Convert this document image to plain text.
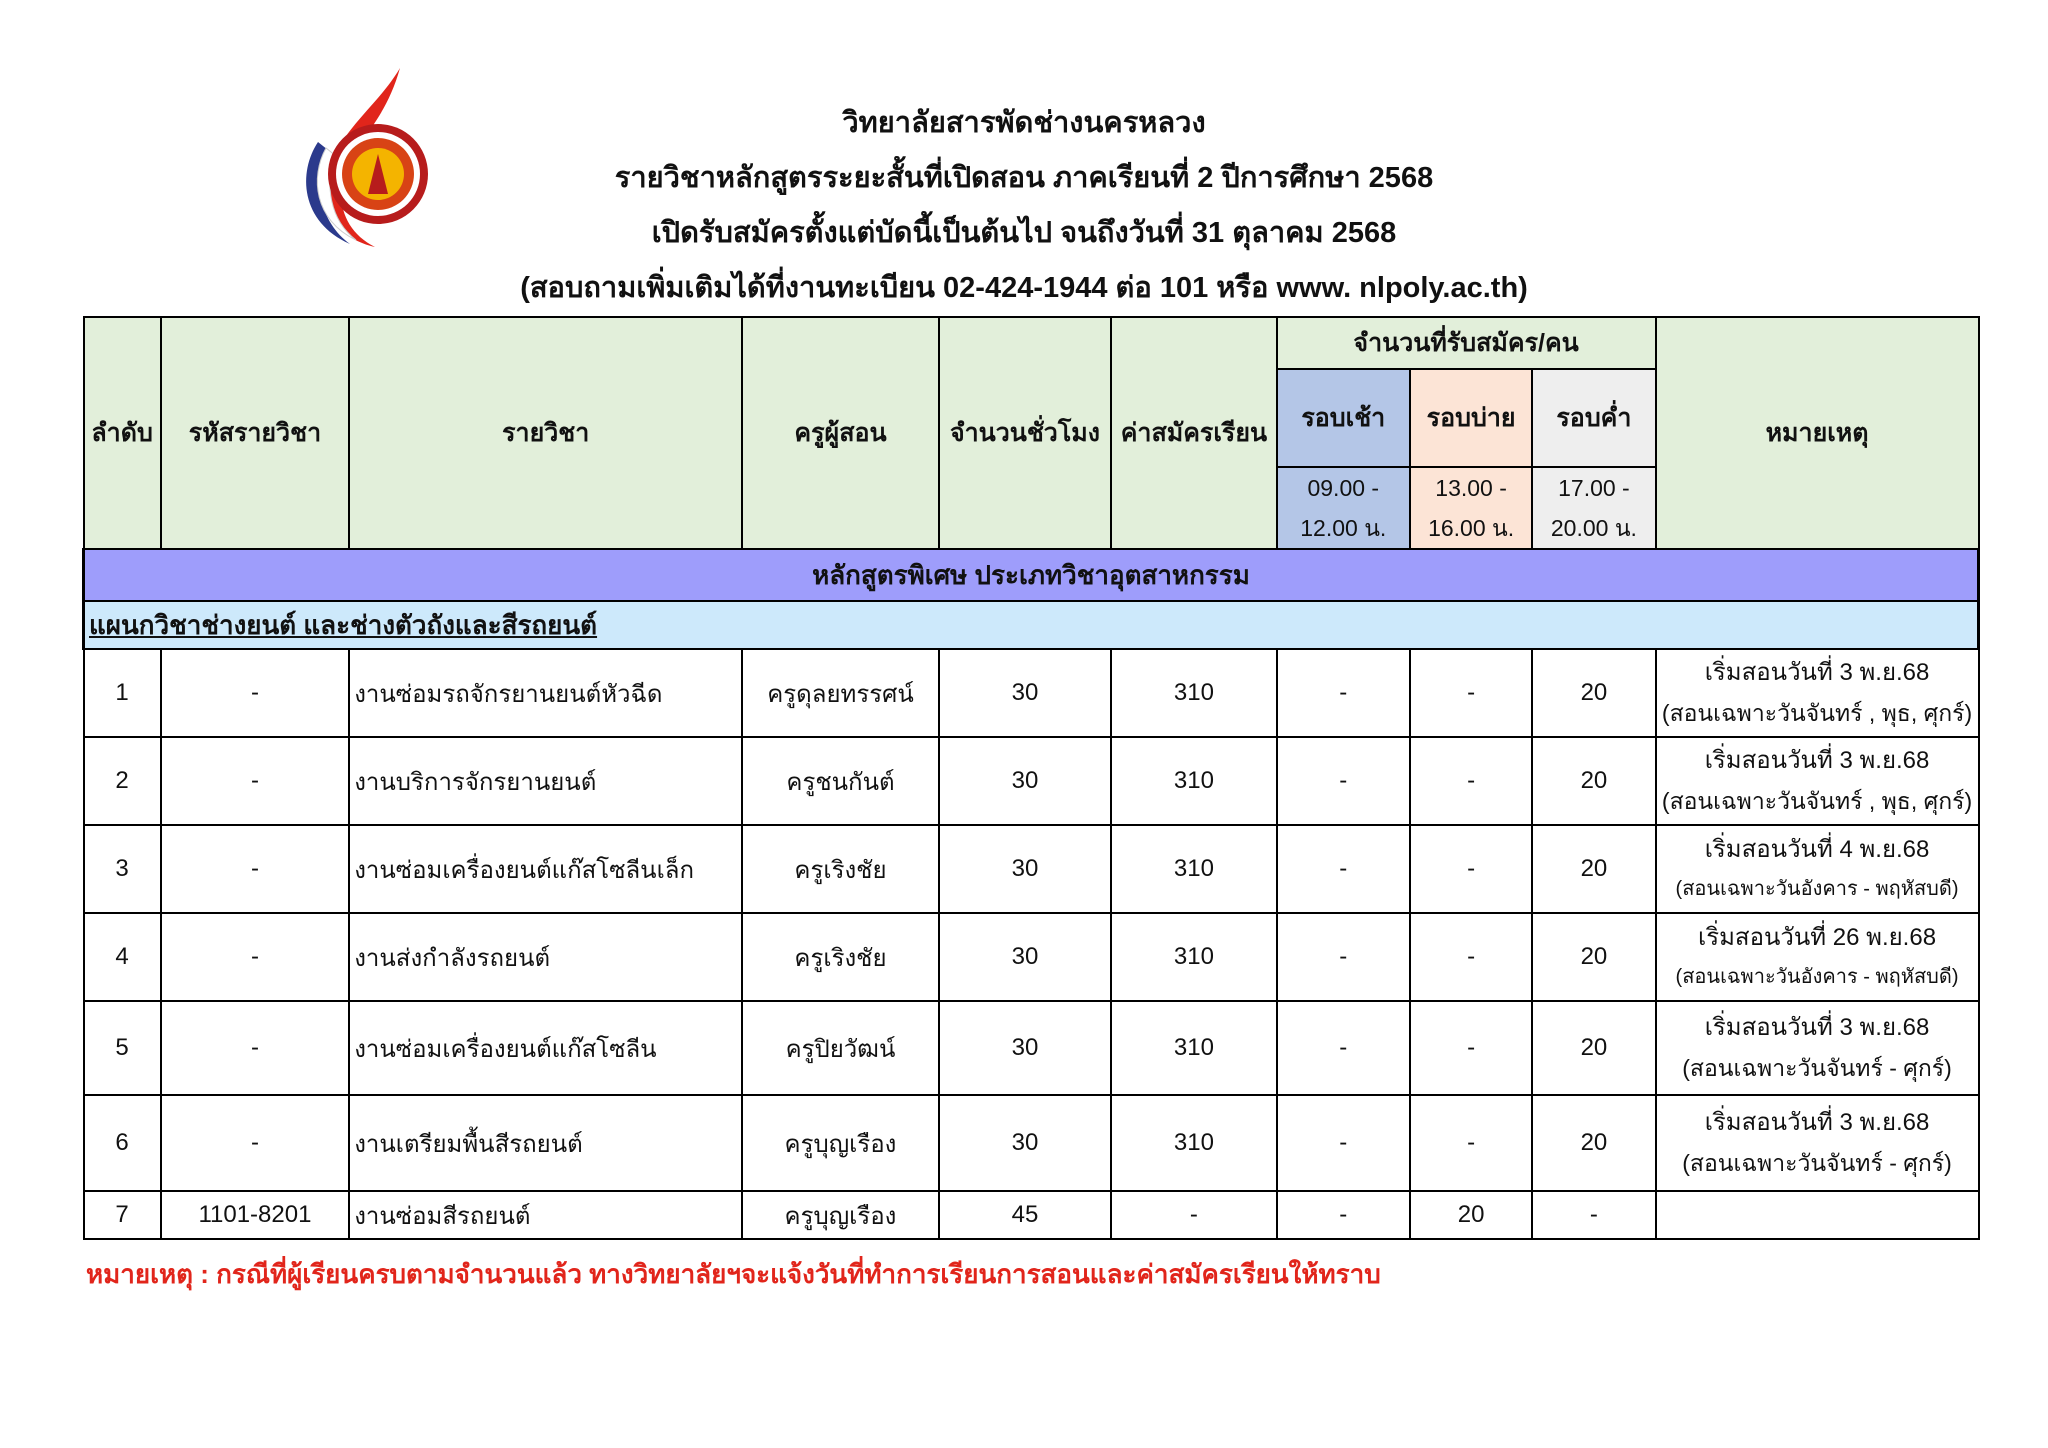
วิทยาลัยสารพัดช่างนครหลวง
รายวิชาหลักสูตรระยะสั้นที่เปิดสอน ภาคเรียนที่ 2 ปีการศึกษา 2568
เปิดรับสมัครตั้งแต่บัดนี้เป็นต้นไป จนถึงวันที่ 31 ตุลาคม 2568
(สอบถามเพิ่มเติมได้ที่งานทะเบียน 02-424-1944 ต่อ 101 หรือ www. nlpoly.ac.th)
ลำดับ	รหัสรายวิชา	รายวิชา	ครูผู้สอน	จำนวนชั่วโมง	ค่าสมัครเรียน	จำนวนที่รับสมัคร/คน			หมายเหตุ
						รอบเช้า	รอบบ่าย	รอบค่ำ	

						09.00 -
12.00 น.	13.00 -
16.00 น.	17.00 -
20.00 น.	

หลักสูตรพิเศษ ประเภทวิชาอุตสาหกรรม									
แผนกวิชาช่างยนต์ และช่างตัวถังและสีรถยนต์									
1	-	งานซ่อมรถจักรยานยนต์หัวฉีด	ครูดุลยทรรศน์	30	310	-	-	20	เริ่มสอนวันที่ 3 พ.ย.68
(สอนเฉพาะวันจันทร์ , พุธ, ศุกร์)

2	-	งานบริการจักรยานยนต์	ครูชนกันต์	30	310	-	-	20	เริ่มสอนวันที่ 3 พ.ย.68
(สอนเฉพาะวันจันทร์ , พุธ, ศุกร์)

3	-	งานซ่อมเครื่องยนต์แก๊สโซลีนเล็ก	ครูเริงชัย	30	310	-	-	20	เริ่มสอนวันที่ 4 พ.ย.68
(สอนเฉพาะวันอังคาร - พฤหัสบดี)

4	-	งานส่งกำลังรถยนต์	ครูเริงชัย	30	310	-	-	20	เริ่มสอนวันที่ 26 พ.ย.68
(สอนเฉพาะวันอังคาร - พฤหัสบดี)

5	-	งานซ่อมเครื่องยนต์แก๊สโซลีน	ครูปิยวัฒน์	30	310	-	-	20	เริ่มสอนวันที่ 3 พ.ย.68
(สอนเฉพาะวันจันทร์ - ศุกร์)

6	-	งานเตรียมพื้นสีรถยนต์	ครูบุญเรือง	30	310	-	-	20	เริ่มสอนวันที่ 3 พ.ย.68
(สอนเฉพาะวันจันทร์ - ศุกร์)

7	1101-8201	งานซ่อมสีรถยนต์	ครูบุญเรือง	45	-	-	20	-	
หมายเหตุ : กรณีที่ผู้เรียนครบตามจำนวนแล้ว ทางวิทยาลัยฯจะแจ้งวันที่ทำการเรียนการสอนและค่าสมัครเรียนให้ทราบ
